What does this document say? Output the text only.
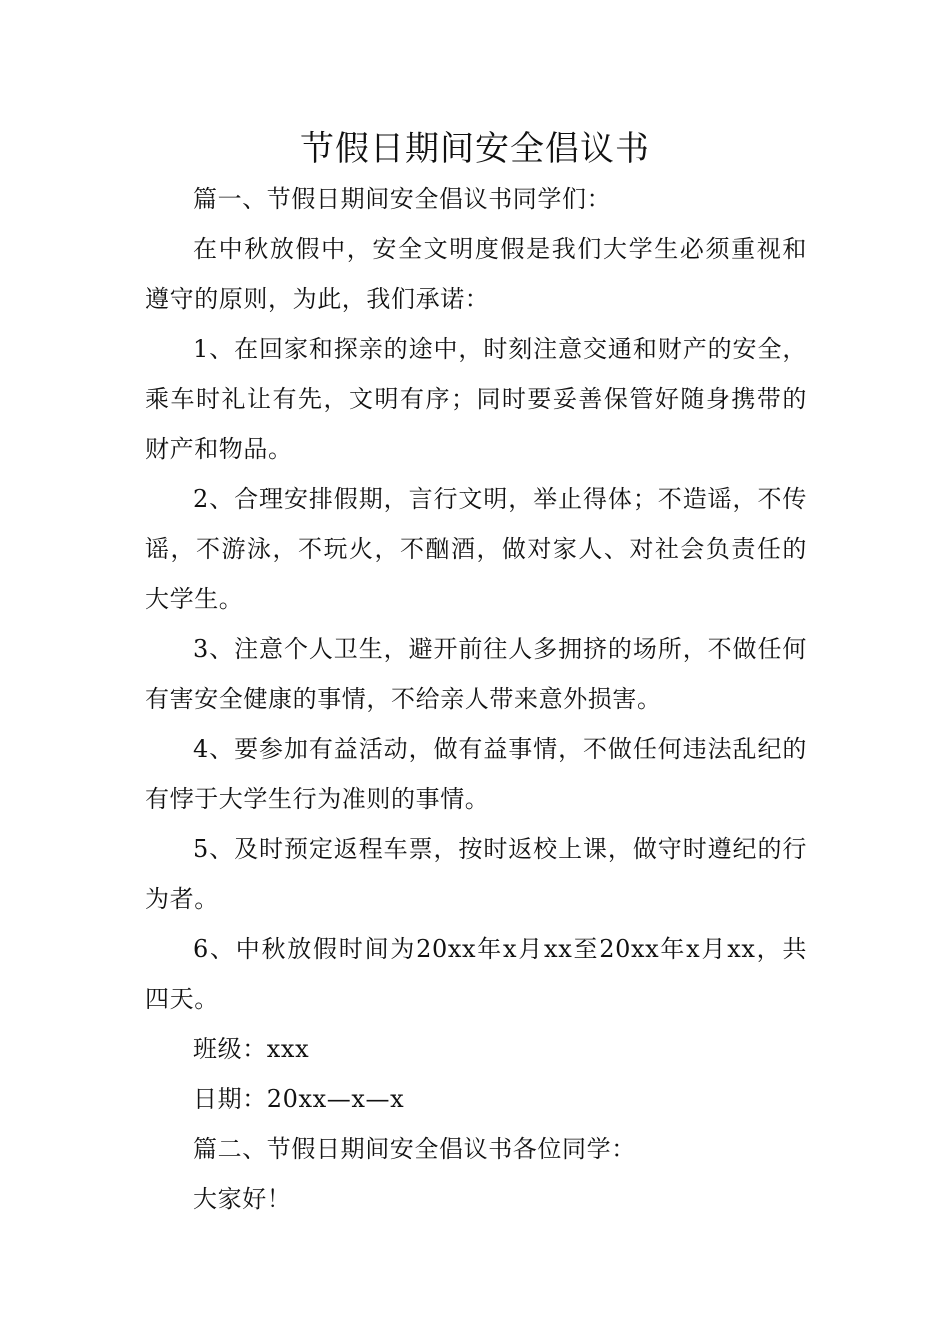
节假日期间安全倡议书

篇一、节假日期间安全倡议书同学们：

在中秋放假中，安全文明度假是我们大学生必须重视和遵守的原则，为此，我们承诺：

1、在回家和探亲的途中，时刻注意交通和财产的安全，乘车时礼让有先，文明有序；同时要妥善保管好随身携带的财产和物品。

2、合理安排假期，言行文明，举止得体；不造谣，不传谣，不游泳，不玩火，不酗酒，做对家人、对社会负责任的大学生。

3、注意个人卫生，避开前往人多拥挤的场所，不做任何有害安全健康的事情，不给亲人带来意外损害。

4、要参加有益活动，做有益事情，不做任何违法乱纪的有悖于大学生行为准则的事情。

5、及时预定返程车票，按时返校上课，做守时遵纪的行为者。

6、中秋放假时间为20xx年x月xx至20xx年x月xx，共四天。

班级：xxx

日期：20xx—x—x

篇二、节假日期间安全倡议书各位同学：

大家好！
